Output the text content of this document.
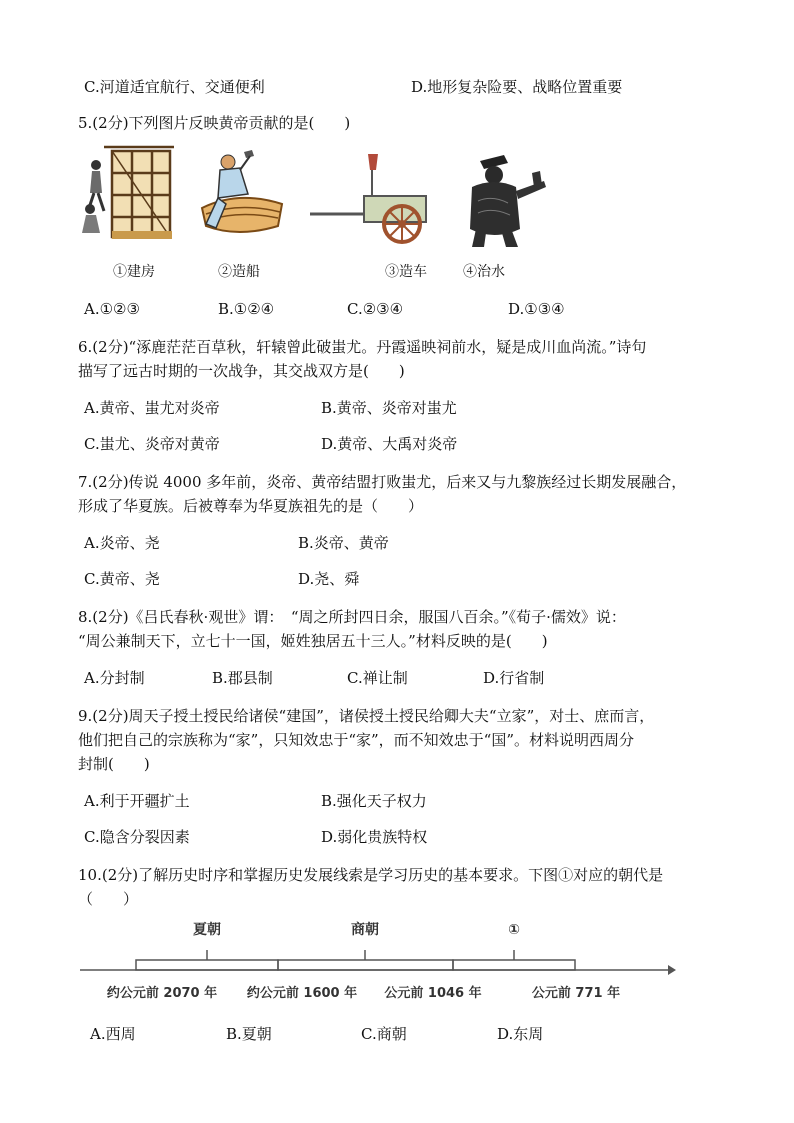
C.河道适宜航行、交通便利	D.地形复杂险要、战略位置重要
5.(2分)下列图片反映黄帝贡献的是(　　)
①建房	②造船	③造车	④治水
A.①②③	B.①②④	C.②③④	D.①③④
6.(2分)“涿鹿茫茫百草秋，轩辕曾此破蚩尤。丹霞遥映祠前水，疑是成川血尚流。”诗句
描写了远古时期的一次战争，其交战双方是(　　)
A.黄帝、蚩尤对炎帝	B.黄帝、炎帝对蚩尤
C.蚩尤、炎帝对黄帝	D.黄帝、大禹对炎帝
7.(2分)传说 4000 多年前，炎帝、黄帝结盟打败蚩尤，后来又与九黎族经过长期发展融合，
形成了华夏族。后被尊奉为华夏族祖先的是（　　）
A.炎帝、尧	B.炎帝、黄帝
C.黄帝、尧	D.尧、舜
8.(2分)《吕氏春秋·观世》谓：　“周之所封四日余，服国八百余。”《荀子·儒效》说：
“周公兼制天下，立七十一国，姬姓独居五十三人。”材料反映的是(　　)
A.分封制	B.郡县制	C.禅让制	D.行省制
9.(2分)周天子授土授民给诸侯“建国”，诸侯授土授民给卿大夫“立家”，对士、庶而言，
他们把自己的宗族称为“家”，只知效忠于“家”，而不知效忠于“国”。材料说明西周分
封制(　　)
A.利于开疆扩土	B.强化天子权力
C.隐含分裂因素	D.弱化贵族特权
10.(2分)了解历史时序和掌握历史发展线索是学习历史的基本要求。下图①对应的朝代是
（　　）
夏朝	商朝	①
约公元前 2070 年 约公元前 1600 年 公元前 1046 年	公元前 771 年
A.西周	B.夏朝	C.商朝	D.东周
